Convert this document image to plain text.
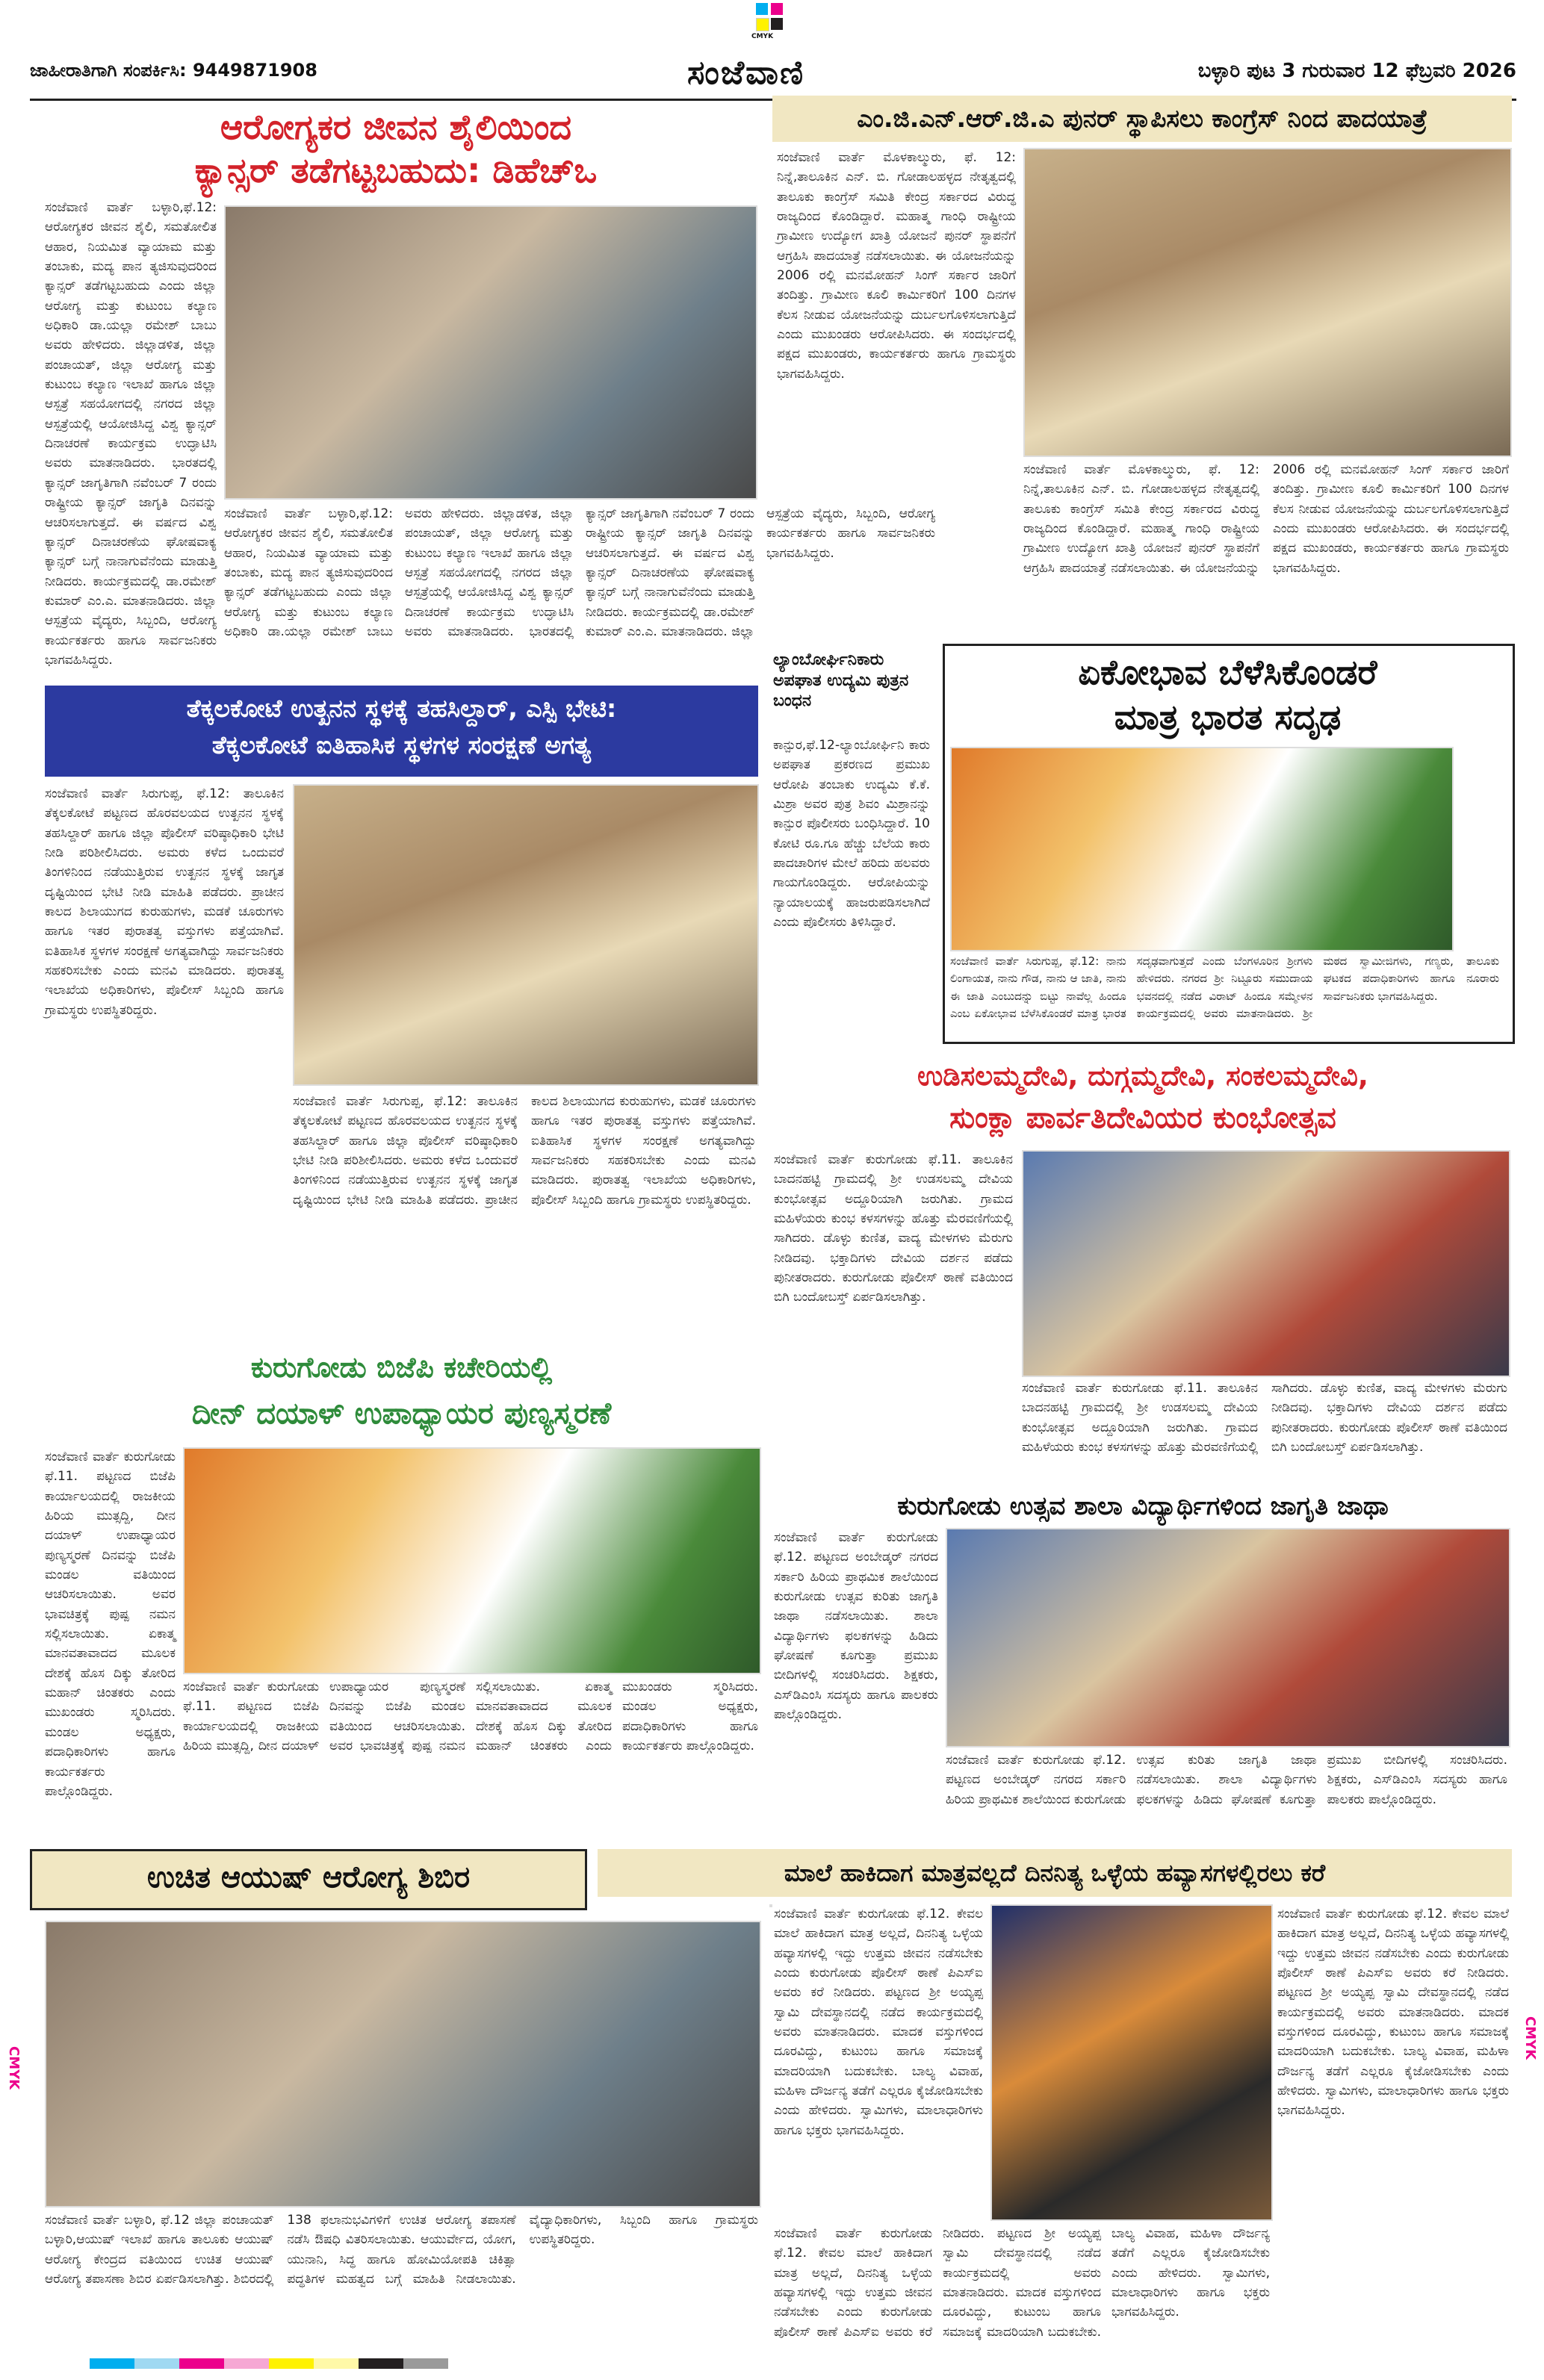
CMYK
ಜಾಹೀರಾತಿಗಾಗಿ ಸಂಪರ್ಕಿಸಿ: 9449871908	ಸಂಜೆವಾಣಿ	ಬಳ್ಳಾರಿ ಪುಟ 3 ಗುರುವಾರ 12 ಫೆಬ್ರವರಿ 2026
ಆರೋಗ್ಯಕರ ಜೀವನ ಶೈಲಿಯಿಂದ
ಕ್ಯಾನ್ಸರ್ ತಡೆಗಟ್ಟಬಹುದು: ಡಿಹೆಚ್‌ಒ
ಸಂಜೆವಾಣಿ ವಾರ್ತೆ ಬಳ್ಳಾರಿ,ಫೆ.12: ಆರೋಗ್ಯಕರ ಜೀವನ ಶೈಲಿ, ಸಮತೋಲಿತ ಆಹಾರ, ನಿಯಮಿತ ವ್ಯಾಯಾಮ ಮತ್ತು ತಂಬಾಕು, ಮದ್ಯ ಪಾನ ತ್ಯಜಿಸುವುದರಿಂದ ಕ್ಯಾನ್ಸರ್ ತಡೆಗಟ್ಟಬಹುದು ಎಂದು ಜಿಲ್ಲಾ ಆರೋಗ್ಯ ಮತ್ತು ಕುಟುಂಬ ಕಲ್ಯಾಣ ಅಧಿಕಾರಿ ಡಾ.ಯಲ್ಲಾ ರಮೇಶ್ ಬಾಬು ಅವರು ಹೇಳಿದರು. ಜಿಲ್ಲಾಡಳಿತ, ಜಿಲ್ಲಾ ಪಂಚಾಯತ್, ಜಿಲ್ಲಾ ಆರೋಗ್ಯ ಮತ್ತು ಕುಟುಂಬ ಕಲ್ಯಾಣ ಇಲಾಖೆ ಹಾಗೂ ಜಿಲ್ಲಾ ಆಸ್ಪತ್ರೆ ಸಹಯೋಗದಲ್ಲಿ ನಗರದ ಜಿಲ್ಲಾ ಆಸ್ಪತ್ರೆಯಲ್ಲಿ ಆಯೋಜಿಸಿದ್ದ ವಿಶ್ವ ಕ್ಯಾನ್ಸರ್ ದಿನಾಚರಣೆ ಕಾರ್ಯಕ್ರಮ ಉದ್ಘಾಟಿಸಿ ಅವರು ಮಾತನಾಡಿದರು. ಭಾರತದಲ್ಲಿ ಕ್ಯಾನ್ಸರ್ ಜಾಗೃತಿಗಾಗಿ ನವೆಂಬರ್ 7 ರಂದು ರಾಷ್ಟ್ರೀಯ ಕ್ಯಾನ್ಸರ್ ಜಾಗೃತಿ ದಿನವನ್ನು ಆಚರಿಸಲಾಗುತ್ತದೆ. ಈ ವರ್ಷದ ವಿಶ್ವ ಕ್ಯಾನ್ಸರ್ ದಿನಾಚರಣೆಯ ಘೋಷವಾಕ್ಯ ಕ್ಯಾನ್ಸರ್ ಬಗ್ಗೆ ನಾನಾಗುವೆನೆಂದು ಮಾಡುತ್ತಿ ನೀಡಿದರು. ಕಾರ್ಯಕ್ರಮದಲ್ಲಿ ಡಾ.ರಮೇಶ್ ಕುಮಾರ್ ಎಂ.ಎ. ಮಾತನಾಡಿದರು. ಜಿಲ್ಲಾ ಆಸ್ಪತ್ರೆಯ ವೈದ್ಯರು, ಸಿಬ್ಬಂದಿ, ಆರೋಗ್ಯ ಕಾರ್ಯಕರ್ತರು ಹಾಗೂ ಸಾರ್ವಜನಿಕರು ಭಾಗವಹಿಸಿದ್ದರು.
ಸಂಜೆವಾಣಿ ವಾರ್ತೆ ಬಳ್ಳಾರಿ,ಫೆ.12: ಆರೋಗ್ಯಕರ ಜೀವನ ಶೈಲಿ, ಸಮತೋಲಿತ ಆಹಾರ, ನಿಯಮಿತ ವ್ಯಾಯಾಮ ಮತ್ತು ತಂಬಾಕು, ಮದ್ಯ ಪಾನ ತ್ಯಜಿಸುವುದರಿಂದ ಕ್ಯಾನ್ಸರ್ ತಡೆಗಟ್ಟಬಹುದು ಎಂದು ಜಿಲ್ಲಾ ಆರೋಗ್ಯ ಮತ್ತು ಕುಟುಂಬ ಕಲ್ಯಾಣ ಅಧಿಕಾರಿ ಡಾ.ಯಲ್ಲಾ ರಮೇಶ್ ಬಾಬು ಅವರು ಹೇಳಿದರು. ಜಿಲ್ಲಾಡಳಿತ, ಜಿಲ್ಲಾ ಪಂಚಾಯತ್, ಜಿಲ್ಲಾ ಆರೋಗ್ಯ ಮತ್ತು ಕುಟುಂಬ ಕಲ್ಯಾಣ ಇಲಾಖೆ ಹಾಗೂ ಜಿಲ್ಲಾ ಆಸ್ಪತ್ರೆ ಸಹಯೋಗದಲ್ಲಿ ನಗರದ ಜಿಲ್ಲಾ ಆಸ್ಪತ್ರೆಯಲ್ಲಿ ಆಯೋಜಿಸಿದ್ದ ವಿಶ್ವ ಕ್ಯಾನ್ಸರ್ ದಿನಾಚರಣೆ ಕಾರ್ಯಕ್ರಮ ಉದ್ಘಾಟಿಸಿ ಅವರು ಮಾತನಾಡಿದರು. ಭಾರತದಲ್ಲಿ ಕ್ಯಾನ್ಸರ್ ಜಾಗೃತಿಗಾಗಿ ನವೆಂಬರ್ 7 ರಂದು ರಾಷ್ಟ್ರೀಯ ಕ್ಯಾನ್ಸರ್ ಜಾಗೃತಿ ದಿನವನ್ನು ಆಚರಿಸಲಾಗುತ್ತದೆ. ಈ ವರ್ಷದ ವಿಶ್ವ ಕ್ಯಾನ್ಸರ್ ದಿನಾಚರಣೆಯ ಘೋಷವಾಕ್ಯ ಕ್ಯಾನ್ಸರ್ ಬಗ್ಗೆ ನಾನಾಗುವೆನೆಂದು ಮಾಡುತ್ತಿ ನೀಡಿದರು. ಕಾರ್ಯಕ್ರಮದಲ್ಲಿ ಡಾ.ರಮೇಶ್ ಕುಮಾರ್ ಎಂ.ಎ. ಮಾತನಾಡಿದರು. ಜಿಲ್ಲಾ ಆಸ್ಪತ್ರೆಯ ವೈದ್ಯರು, ಸಿಬ್ಬಂದಿ, ಆರೋಗ್ಯ ಕಾರ್ಯಕರ್ತರು ಹಾಗೂ ಸಾರ್ವಜನಿಕರು ಭಾಗವಹಿಸಿದ್ದರು.
ಎಂ.ಜಿ.ಎನ್.ಆರ್.ಜಿ.ಎ ಪುನರ್ ಸ್ಥಾಪಿಸಲು ಕಾಂಗ್ರೆಸ್ ನಿಂದ ಪಾದಯಾತ್ರೆ
ಸಂಜೆವಾಣಿ ವಾರ್ತೆ ಮೊಳಕಾಲ್ಮುರು, ಫೆ. 12: ನಿನ್ನೆ,ತಾಲೂಕಿನ ಎನ್. ಬಿ. ಗೋಡಾಲಹಳ್ಳದ ನೇತೃತ್ವದಲ್ಲಿ ತಾಲೂಕು ಕಾಂಗ್ರೆಸ್ ಸಮಿತಿ ಕೇಂದ್ರ ಸರ್ಕಾರದ ವಿರುದ್ಧ ರಾಜ್ಯದಿಂದ ಕೊಂಡಿದ್ದಾರೆ. ಮಹಾತ್ಮ ಗಾಂಧಿ ರಾಷ್ಟ್ರೀಯ ಗ್ರಾಮೀಣ ಉದ್ಯೋಗ ಖಾತ್ರಿ ಯೋಜನೆ ಪುನರ್ ಸ್ಥಾಪನೆಗೆ ಆಗ್ರಹಿಸಿ ಪಾದಯಾತ್ರೆ ನಡೆಸಲಾಯಿತು. ಈ ಯೋಜನೆಯನ್ನು 2006 ರಲ್ಲಿ ಮನಮೋಹನ್ ಸಿಂಗ್ ಸರ್ಕಾರ ಜಾರಿಗೆ ತಂದಿತ್ತು. ಗ್ರಾಮೀಣ ಕೂಲಿ ಕಾರ್ಮಿಕರಿಗೆ 100 ದಿನಗಳ ಕೆಲಸ ನೀಡುವ ಯೋಜನೆಯನ್ನು ದುರ್ಬಲಗೊಳಿಸಲಾಗುತ್ತಿದೆ ಎಂದು ಮುಖಂಡರು ಆರೋಪಿಸಿದರು. ಈ ಸಂದರ್ಭದಲ್ಲಿ ಪಕ್ಷದ ಮುಖಂಡರು, ಕಾರ್ಯಕರ್ತರು ಹಾಗೂ ಗ್ರಾಮಸ್ಥರು ಭಾಗವಹಿಸಿದ್ದರು.
ಸಂಜೆವಾಣಿ ವಾರ್ತೆ ಮೊಳಕಾಲ್ಮುರು, ಫೆ. 12: ನಿನ್ನೆ,ತಾಲೂಕಿನ ಎನ್. ಬಿ. ಗೋಡಾಲಹಳ್ಳದ ನೇತೃತ್ವದಲ್ಲಿ ತಾಲೂಕು ಕಾಂಗ್ರೆಸ್ ಸಮಿತಿ ಕೇಂದ್ರ ಸರ್ಕಾರದ ವಿರುದ್ಧ ರಾಜ್ಯದಿಂದ ಕೊಂಡಿದ್ದಾರೆ. ಮಹಾತ್ಮ ಗಾಂಧಿ ರಾಷ್ಟ್ರೀಯ ಗ್ರಾಮೀಣ ಉದ್ಯೋಗ ಖಾತ್ರಿ ಯೋಜನೆ ಪುನರ್ ಸ್ಥಾಪನೆಗೆ ಆಗ್ರಹಿಸಿ ಪಾದಯಾತ್ರೆ ನಡೆಸಲಾಯಿತು. ಈ ಯೋಜನೆಯನ್ನು 2006 ರಲ್ಲಿ ಮನಮೋಹನ್ ಸಿಂಗ್ ಸರ್ಕಾರ ಜಾರಿಗೆ ತಂದಿತ್ತು. ಗ್ರಾಮೀಣ ಕೂಲಿ ಕಾರ್ಮಿಕರಿಗೆ 100 ದಿನಗಳ ಕೆಲಸ ನೀಡುವ ಯೋಜನೆಯನ್ನು ದುರ್ಬಲಗೊಳಿಸಲಾಗುತ್ತಿದೆ ಎಂದು ಮುಖಂಡರು ಆರೋಪಿಸಿದರು. ಈ ಸಂದರ್ಭದಲ್ಲಿ ಪಕ್ಷದ ಮುಖಂಡರು, ಕಾರ್ಯಕರ್ತರು ಹಾಗೂ ಗ್ರಾಮಸ್ಥರು ಭಾಗವಹಿಸಿದ್ದರು.
ತೆಕ್ಕಲಕೋಟೆ ಉತ್ಖನನ ಸ್ಥಳಕ್ಕೆ ತಹಸಿಲ್ದಾರ್, ಎಸ್ಪಿ ಭೇಟಿ:
ತೆಕ್ಕಲಕೋಟೆ ಐತಿಹಾಸಿಕ ಸ್ಥಳಗಳ ಸಂರಕ್ಷಣೆ ಅಗತ್ಯ
ಸಂಜೆವಾಣಿ ವಾರ್ತೆ ಸಿರುಗುಪ್ಪ, ಫೆ.12: ತಾಲೂಕಿನ ತೆಕ್ಕಲಕೋಟೆ ಪಟ್ಟಣದ ಹೊರವಲಯದ ಉತ್ಖನನ ಸ್ಥಳಕ್ಕೆ ತಹಸಿಲ್ದಾರ್ ಹಾಗೂ ಜಿಲ್ಲಾ ಪೊಲೀಸ್ ವರಿಷ್ಠಾಧಿಕಾರಿ ಭೇಟಿ ನೀಡಿ ಪರಿಶೀಲಿಸಿದರು. ಅಮರು ಕಳೆದ ಒಂದುವರೆ ತಿಂಗಳಿನಿಂದ ನಡೆಯುತ್ತಿರುವ ಉತ್ಖನನ ಸ್ಥಳಕ್ಕೆ ಜಾಗೃತ ದೃಷ್ಟಿಯಿಂದ ಭೇಟಿ ನೀಡಿ ಮಾಹಿತಿ ಪಡೆದರು. ಪ್ರಾಚೀನ ಕಾಲದ ಶಿಲಾಯುಗದ ಕುರುಹುಗಳು, ಮಡಕೆ ಚೂರುಗಳು ಹಾಗೂ ಇತರ ಪುರಾತತ್ವ ವಸ್ತುಗಳು ಪತ್ತೆಯಾಗಿವೆ. ಐತಿಹಾಸಿಕ ಸ್ಥಳಗಳ ಸಂರಕ್ಷಣೆ ಅಗತ್ಯವಾಗಿದ್ದು ಸಾರ್ವಜನಿಕರು ಸಹಕರಿಸಬೇಕು ಎಂದು ಮನವಿ ಮಾಡಿದರು. ಪುರಾತತ್ವ ಇಲಾಖೆಯ ಅಧಿಕಾರಿಗಳು, ಪೊಲೀಸ್ ಸಿಬ್ಬಂದಿ ಹಾಗೂ ಗ್ರಾಮಸ್ಥರು ಉಪಸ್ಥಿತರಿದ್ದರು.
ಸಂಜೆವಾಣಿ ವಾರ್ತೆ ಸಿರುಗುಪ್ಪ, ಫೆ.12: ತಾಲೂಕಿನ ತೆಕ್ಕಲಕೋಟೆ ಪಟ್ಟಣದ ಹೊರವಲಯದ ಉತ್ಖನನ ಸ್ಥಳಕ್ಕೆ ತಹಸಿಲ್ದಾರ್ ಹಾಗೂ ಜಿಲ್ಲಾ ಪೊಲೀಸ್ ವರಿಷ್ಠಾಧಿಕಾರಿ ಭೇಟಿ ನೀಡಿ ಪರಿಶೀಲಿಸಿದರು. ಅಮರು ಕಳೆದ ಒಂದುವರೆ ತಿಂಗಳಿನಿಂದ ನಡೆಯುತ್ತಿರುವ ಉತ್ಖನನ ಸ್ಥಳಕ್ಕೆ ಜಾಗೃತ ದೃಷ್ಟಿಯಿಂದ ಭೇಟಿ ನೀಡಿ ಮಾಹಿತಿ ಪಡೆದರು. ಪ್ರಾಚೀನ ಕಾಲದ ಶಿಲಾಯುಗದ ಕುರುಹುಗಳು, ಮಡಕೆ ಚೂರುಗಳು ಹಾಗೂ ಇತರ ಪುರಾತತ್ವ ವಸ್ತುಗಳು ಪತ್ತೆಯಾಗಿವೆ. ಐತಿಹಾಸಿಕ ಸ್ಥಳಗಳ ಸಂರಕ್ಷಣೆ ಅಗತ್ಯವಾಗಿದ್ದು ಸಾರ್ವಜನಿಕರು ಸಹಕರಿಸಬೇಕು ಎಂದು ಮನವಿ ಮಾಡಿದರು. ಪುರಾತತ್ವ ಇಲಾಖೆಯ ಅಧಿಕಾರಿಗಳು, ಪೊಲೀಸ್ ಸಿಬ್ಬಂದಿ ಹಾಗೂ ಗ್ರಾಮಸ್ಥರು ಉಪಸ್ಥಿತರಿದ್ದರು.
ಲ್ಯಾಂಬೋರ್ಘಿನಿಕಾರು ಅಪಘಾತ ಉದ್ಯಮಿ ಪುತ್ರನ ಬಂಧನ
ಕಾನ್ಪುರ,ಫೆ.12-ಲ್ಯಾಂಬೋರ್ಘಿನಿ ಕಾರು ಅಪಘಾತ ಪ್ರಕರಣದ ಪ್ರಮುಖ ಆರೋಪಿ ತಂಬಾಕು ಉದ್ಯಮಿ ಕೆ.ಕೆ. ಮಿಶ್ರಾ ಅವರ ಪುತ್ರ ಶಿವಂ ಮಿಶ್ರಾನನ್ನು ಕಾನ್ಪುರ ಪೊಲೀಸರು ಬಂಧಿಸಿದ್ದಾರೆ. 10 ಕೋಟಿ ರೂ.ಗೂ ಹೆಚ್ಚು ಬೆಲೆಯ ಕಾರು ಪಾದಚಾರಿಗಳ ಮೇಲೆ ಹರಿದು ಹಲವರು ಗಾಯಗೊಂಡಿದ್ದರು. ಆರೋಪಿಯನ್ನು ನ್ಯಾಯಾಲಯಕ್ಕೆ ಹಾಜರುಪಡಿಸಲಾಗಿದೆ ಎಂದು ಪೊಲೀಸರು ತಿಳಿಸಿದ್ದಾರೆ.
ಏಕೋಭಾವ ಬೆಳೆಸಿಕೊಂಡರೆ
ಮಾತ್ರ ಭಾರತ ಸದೃಢ
ಸಂಜೆವಾಣಿ ವಾರ್ತೆ ಸಿರುಗುಪ್ಪ, ಫೆ.12: ನಾನು ಲಿಂಗಾಯತ, ನಾನು ಗೌಡ, ನಾನು ಆ ಜಾತಿ, ನಾನು ಈ ಜಾತಿ ಎಂಬುದನ್ನು ಬಿಟ್ಟು ನಾವೆಲ್ಲ ಹಿಂದೂ ಎಂಬ ಏಕೋಭಾವ ಬೆಳೆಸಿಕೊಂಡರೆ ಮಾತ್ರ ಭಾರತ ಸದೃಢವಾಗುತ್ತದೆ ಎಂದು ಬೆಂಗಳೂರಿನ ಶ್ರೀಗಳು ಹೇಳಿದರು. ನಗರದ ಶ್ರೀ ನಿಟ್ಟೂರು ಸಮುದಾಯ ಭವನದಲ್ಲಿ ನಡೆದ ವಿರಾಟ್ ಹಿಂದೂ ಸಮ್ಮೇಳನ ಕಾರ್ಯಕ್ರಮದಲ್ಲಿ ಅವರು ಮಾತನಾಡಿದರು. ಶ್ರೀ ಮಠದ ಸ್ವಾಮೀಜಿಗಳು, ಗಣ್ಯರು, ತಾಲೂಕು ಘಟಕದ ಪದಾಧಿಕಾರಿಗಳು ಹಾಗೂ ನೂರಾರು ಸಾರ್ವಜನಿಕರು ಭಾಗವಹಿಸಿದ್ದರು.
ಉಡಿಸಲಮ್ಮದೇವಿ, ದುಗ್ಗಮ್ಮದೇವಿ, ಸಂಕಲಮ್ಮದೇವಿ,
ಸುಂಕ್ಲಾ ಪಾರ್ವತಿದೇವಿಯರ ಕುಂಭೋತ್ಸವ
ಸಂಜೆವಾಣಿ ವಾರ್ತೆ ಕುರುಗೋಡು ಫೆ.11. ತಾಲೂಕಿನ ಬಾದನಹಟ್ಟಿ ಗ್ರಾಮದಲ್ಲಿ ಶ್ರೀ ಉಡಸಲಮ್ಮ ದೇವಿಯ ಕುಂಭೋತ್ಸವ ಅದ್ದೂರಿಯಾಗಿ ಜರುಗಿತು. ಗ್ರಾಮದ ಮಹಿಳೆಯರು ಕುಂಭ ಕಳಸಗಳನ್ನು ಹೊತ್ತು ಮೆರವಣಿಗೆಯಲ್ಲಿ ಸಾಗಿದರು. ಡೊಳ್ಳು ಕುಣಿತ, ವಾದ್ಯ ಮೇಳಗಳು ಮೆರುಗು ನೀಡಿದವು. ಭಕ್ತಾದಿಗಳು ದೇವಿಯ ದರ್ಶನ ಪಡೆದು ಪುನೀತರಾದರು. ಕುರುಗೋಡು ಪೊಲೀಸ್ ಠಾಣೆ ವತಿಯಿಂದ ಬಿಗಿ ಬಂದೋಬಸ್ತ್ ಏರ್ಪಡಿಸಲಾಗಿತ್ತು.
ಸಂಜೆವಾಣಿ ವಾರ್ತೆ ಕುರುಗೋಡು ಫೆ.11. ತಾಲೂಕಿನ ಬಾದನಹಟ್ಟಿ ಗ್ರಾಮದಲ್ಲಿ ಶ್ರೀ ಉಡಸಲಮ್ಮ ದೇವಿಯ ಕುಂಭೋತ್ಸವ ಅದ್ದೂರಿಯಾಗಿ ಜರುಗಿತು. ಗ್ರಾಮದ ಮಹಿಳೆಯರು ಕುಂಭ ಕಳಸಗಳನ್ನು ಹೊತ್ತು ಮೆರವಣಿಗೆಯಲ್ಲಿ ಸಾಗಿದರು. ಡೊಳ್ಳು ಕುಣಿತ, ವಾದ್ಯ ಮೇಳಗಳು ಮೆರುಗು ನೀಡಿದವು. ಭಕ್ತಾದಿಗಳು ದೇವಿಯ ದರ್ಶನ ಪಡೆದು ಪುನೀತರಾದರು. ಕುರುಗೋಡು ಪೊಲೀಸ್ ಠಾಣೆ ವತಿಯಿಂದ ಬಿಗಿ ಬಂದೋಬಸ್ತ್ ಏರ್ಪಡಿಸಲಾಗಿತ್ತು.
ಕುರುಗೋಡು ಬಿಜೆಪಿ ಕಚೇರಿಯಲ್ಲಿ
ದೀನ್ ದಯಾಳ್ ಉಪಾಧ್ಯಾಯರ ಪುಣ್ಯಸ್ಮರಣೆ
ಸಂಜೆವಾಣಿ ವಾರ್ತೆ ಕುರುಗೋಡು ಫೆ.11. ಪಟ್ಟಣದ ಬಿಜೆಪಿ ಕಾರ್ಯಾಲಯದಲ್ಲಿ ರಾಜಕೀಯ ಹಿರಿಯ ಮುತ್ಸದ್ದಿ, ದೀನ ದಯಾಳ್ ಉಪಾಧ್ಯಾಯರ ಪುಣ್ಯಸ್ಮರಣೆ ದಿನವನ್ನು ಬಿಜೆಪಿ ಮಂಡಲ ವತಿಯಿಂದ ಆಚರಿಸಲಾಯಿತು. ಅವರ ಭಾವಚಿತ್ರಕ್ಕೆ ಪುಷ್ಪ ನಮನ ಸಲ್ಲಿಸಲಾಯಿತು. ಏಕಾತ್ಮ ಮಾನವತಾವಾದದ ಮೂಲಕ ದೇಶಕ್ಕೆ ಹೊಸ ದಿಕ್ಕು ತೋರಿದ ಮಹಾನ್ ಚಿಂತಕರು ಎಂದು ಮುಖಂಡರು ಸ್ಮರಿಸಿದರು. ಮಂಡಲ ಅಧ್ಯಕ್ಷರು, ಪದಾಧಿಕಾರಿಗಳು ಹಾಗೂ ಕಾರ್ಯಕರ್ತರು ಪಾಲ್ಗೊಂಡಿದ್ದರು.
ಸಂಜೆವಾಣಿ ವಾರ್ತೆ ಕುರುಗೋಡು ಫೆ.11. ಪಟ್ಟಣದ ಬಿಜೆಪಿ ಕಾರ್ಯಾಲಯದಲ್ಲಿ ರಾಜಕೀಯ ಹಿರಿಯ ಮುತ್ಸದ್ದಿ, ದೀನ ದಯಾಳ್ ಉಪಾಧ್ಯಾಯರ ಪುಣ್ಯಸ್ಮರಣೆ ದಿನವನ್ನು ಬಿಜೆಪಿ ಮಂಡಲ ವತಿಯಿಂದ ಆಚರಿಸಲಾಯಿತು. ಅವರ ಭಾವಚಿತ್ರಕ್ಕೆ ಪುಷ್ಪ ನಮನ ಸಲ್ಲಿಸಲಾಯಿತು. ಏಕಾತ್ಮ ಮಾನವತಾವಾದದ ಮೂಲಕ ದೇಶಕ್ಕೆ ಹೊಸ ದಿಕ್ಕು ತೋರಿದ ಮಹಾನ್ ಚಿಂತಕರು ಎಂದು ಮುಖಂಡರು ಸ್ಮರಿಸಿದರು. ಮಂಡಲ ಅಧ್ಯಕ್ಷರು, ಪದಾಧಿಕಾರಿಗಳು ಹಾಗೂ ಕಾರ್ಯಕರ್ತರು ಪಾಲ್ಗೊಂಡಿದ್ದರು.
ಕುರುಗೋಡು ಉತ್ಸವ ಶಾಲಾ ವಿದ್ಯಾರ್ಥಿಗಳಿಂದ ಜಾಗೃತಿ ಜಾಥಾ
ಸಂಜೆವಾಣಿ ವಾರ್ತೆ ಕುರುಗೋಡು ಫೆ.12. ಪಟ್ಟಣದ ಅಂಬೇಡ್ಕರ್ ನಗರದ ಸರ್ಕಾರಿ ಹಿರಿಯ ಪ್ರಾಥಮಿಕ ಶಾಲೆಯಿಂದ ಕುರುಗೋಡು ಉತ್ಸವ ಕುರಿತು ಜಾಗೃತಿ ಜಾಥಾ ನಡೆಸಲಾಯಿತು. ಶಾಲಾ ವಿದ್ಯಾರ್ಥಿಗಳು ಫಲಕಗಳನ್ನು ಹಿಡಿದು ಘೋಷಣೆ ಕೂಗುತ್ತಾ ಪ್ರಮುಖ ಬೀದಿಗಳಲ್ಲಿ ಸಂಚರಿಸಿದರು. ಶಿಕ್ಷಕರು, ಎಸ್‌ಡಿಎಂಸಿ ಸದಸ್ಯರು ಹಾಗೂ ಪಾಲಕರು ಪಾಲ್ಗೊಂಡಿದ್ದರು.
ಸಂಜೆವಾಣಿ ವಾರ್ತೆ ಕುರುಗೋಡು ಫೆ.12. ಪಟ್ಟಣದ ಅಂಬೇಡ್ಕರ್ ನಗರದ ಸರ್ಕಾರಿ ಹಿರಿಯ ಪ್ರಾಥಮಿಕ ಶಾಲೆಯಿಂದ ಕುರುಗೋಡು ಉತ್ಸವ ಕುರಿತು ಜಾಗೃತಿ ಜಾಥಾ ನಡೆಸಲಾಯಿತು. ಶಾಲಾ ವಿದ್ಯಾರ್ಥಿಗಳು ಫಲಕಗಳನ್ನು ಹಿಡಿದು ಘೋಷಣೆ ಕೂಗುತ್ತಾ ಪ್ರಮುಖ ಬೀದಿಗಳಲ್ಲಿ ಸಂಚರಿಸಿದರು. ಶಿಕ್ಷಕರು, ಎಸ್‌ಡಿಎಂಸಿ ಸದಸ್ಯರು ಹಾಗೂ ಪಾಲಕರು ಪಾಲ್ಗೊಂಡಿದ್ದರು.
ಉಚಿತ ಆಯುಷ್ ಆರೋಗ್ಯ ಶಿಬಿರ
ಸಂಜೆವಾಣಿ ವಾರ್ತೆ ಬಳ್ಳಾರಿ, ಫೆ.12 ಜಿಲ್ಲಾ ಪಂಚಾಯತ್ ಬಳ್ಳಾರಿ,ಆಯುಷ್ ಇಲಾಖೆ ಹಾಗೂ ತಾಲೂಕು ಆಯುಷ್ ಆರೋಗ್ಯ ಕೇಂದ್ರದ ವತಿಯಿಂದ ಉಚಿತ ಆಯುಷ್ ಆರೋಗ್ಯ ತಪಾಸಣಾ ಶಿಬಿರ ಏರ್ಪಡಿಸಲಾಗಿತ್ತು. ಶಿಬಿರದಲ್ಲಿ 138 ಫಲಾನುಭವಿಗಳಿಗೆ ಉಚಿತ ಆರೋಗ್ಯ ತಪಾಸಣೆ ನಡೆಸಿ ಔಷಧಿ ವಿತರಿಸಲಾಯಿತು. ಆಯುರ್ವೇದ, ಯೋಗ, ಯುನಾನಿ, ಸಿದ್ಧ ಹಾಗೂ ಹೋಮಿಯೋಪತಿ ಚಿಕಿತ್ಸಾ ಪದ್ಧತಿಗಳ ಮಹತ್ವದ ಬಗ್ಗೆ ಮಾಹಿತಿ ನೀಡಲಾಯಿತು. ವೈದ್ಯಾಧಿಕಾರಿಗಳು, ಸಿಬ್ಬಂದಿ ಹಾಗೂ ಗ್ರಾಮಸ್ಥರು ಉಪಸ್ಥಿತರಿದ್ದರು.
ಮಾಲೆ ಹಾಕಿದಾಗ ಮಾತ್ರವಲ್ಲದೆ ದಿನನಿತ್ಯ ಒಳ್ಳೆಯ ಹವ್ಯಾಸಗಳಲ್ಲಿರಲು ಕರೆ
ಸಂಜೆವಾಣಿ ವಾರ್ತೆ ಕುರುಗೋಡು ಫೆ.12. ಕೇವಲ ಮಾಲೆ ಹಾಕಿದಾಗ ಮಾತ್ರ ಅಲ್ಲದೆ, ದಿನನಿತ್ಯ ಒಳ್ಳೆಯ ಹವ್ಯಾಸಗಳಲ್ಲಿ ಇದ್ದು ಉತ್ತಮ ಜೀವನ ನಡೆಸಬೇಕು ಎಂದು ಕುರುಗೋಡು ಪೊಲೀಸ್ ಠಾಣೆ ಪಿಎಸ್‌ಐ ಅವರು ಕರೆ ನೀಡಿದರು. ಪಟ್ಟಣದ ಶ್ರೀ ಅಯ್ಯಪ್ಪ ಸ್ವಾಮಿ ದೇವಸ್ಥಾನದಲ್ಲಿ ನಡೆದ ಕಾರ್ಯಕ್ರಮದಲ್ಲಿ ಅವರು ಮಾತನಾಡಿದರು. ಮಾದಕ ವಸ್ತುಗಳಿಂದ ದೂರವಿದ್ದು, ಕುಟುಂಬ ಹಾಗೂ ಸಮಾಜಕ್ಕೆ ಮಾದರಿಯಾಗಿ ಬದುಕಬೇಕು. ಬಾಲ್ಯ ವಿವಾಹ, ಮಹಿಳಾ ದೌರ್ಜನ್ಯ ತಡೆಗೆ ಎಲ್ಲರೂ ಕೈಜೋಡಿಸಬೇಕು ಎಂದು ಹೇಳಿದರು. ಸ್ವಾಮಿಗಳು, ಮಾಲಾಧಾರಿಗಳು ಹಾಗೂ ಭಕ್ತರು ಭಾಗವಹಿಸಿದ್ದರು.
ಸಂಜೆವಾಣಿ ವಾರ್ತೆ ಕುರುಗೋಡು ಫೆ.12. ಕೇವಲ ಮಾಲೆ ಹಾಕಿದಾಗ ಮಾತ್ರ ಅಲ್ಲದೆ, ದಿನನಿತ್ಯ ಒಳ್ಳೆಯ ಹವ್ಯಾಸಗಳಲ್ಲಿ ಇದ್ದು ಉತ್ತಮ ಜೀವನ ನಡೆಸಬೇಕು ಎಂದು ಕುರುಗೋಡು ಪೊಲೀಸ್ ಠಾಣೆ ಪಿಎಸ್‌ಐ ಅವರು ಕರೆ ನೀಡಿದರು. ಪಟ್ಟಣದ ಶ್ರೀ ಅಯ್ಯಪ್ಪ ಸ್ವಾಮಿ ದೇವಸ್ಥಾನದಲ್ಲಿ ನಡೆದ ಕಾರ್ಯಕ್ರಮದಲ್ಲಿ ಅವರು ಮಾತನಾಡಿದರು. ಮಾದಕ ವಸ್ತುಗಳಿಂದ ದೂರವಿದ್ದು, ಕುಟುಂಬ ಹಾಗೂ ಸಮಾಜಕ್ಕೆ ಮಾದರಿಯಾಗಿ ಬದುಕಬೇಕು. ಬಾಲ್ಯ ವಿವಾಹ, ಮಹಿಳಾ ದೌರ್ಜನ್ಯ ತಡೆಗೆ ಎಲ್ಲರೂ ಕೈಜೋಡಿಸಬೇಕು ಎಂದು ಹೇಳಿದರು. ಸ್ವಾಮಿಗಳು, ಮಾಲಾಧಾರಿಗಳು ಹಾಗೂ ಭಕ್ತರು ಭಾಗವಹಿಸಿದ್ದರು.
ಸಂಜೆವಾಣಿ ವಾರ್ತೆ ಕುರುಗೋಡು ಫೆ.12. ಕೇವಲ ಮಾಲೆ ಹಾಕಿದಾಗ ಮಾತ್ರ ಅಲ್ಲದೆ, ದಿನನಿತ್ಯ ಒಳ್ಳೆಯ ಹವ್ಯಾಸಗಳಲ್ಲಿ ಇದ್ದು ಉತ್ತಮ ಜೀವನ ನಡೆಸಬೇಕು ಎಂದು ಕುರುಗೋಡು ಪೊಲೀಸ್ ಠಾಣೆ ಪಿಎಸ್‌ಐ ಅವರು ಕರೆ ನೀಡಿದರು. ಪಟ್ಟಣದ ಶ್ರೀ ಅಯ್ಯಪ್ಪ ಸ್ವಾಮಿ ದೇವಸ್ಥಾನದಲ್ಲಿ ನಡೆದ ಕಾರ್ಯಕ್ರಮದಲ್ಲಿ ಅವರು ಮಾತನಾಡಿದರು. ಮಾದಕ ವಸ್ತುಗಳಿಂದ ದೂರವಿದ್ದು, ಕುಟುಂಬ ಹಾಗೂ ಸಮಾಜಕ್ಕೆ ಮಾದರಿಯಾಗಿ ಬದುಕಬೇಕು. ಬಾಲ್ಯ ವಿವಾಹ, ಮಹಿಳಾ ದೌರ್ಜನ್ಯ ತಡೆಗೆ ಎಲ್ಲರೂ ಕೈಜೋಡಿಸಬೇಕು ಎಂದು ಹೇಳಿದರು. ಸ್ವಾಮಿಗಳು, ಮಾಲಾಧಾರಿಗಳು ಹಾಗೂ ಭಕ್ತರು ಭಾಗವಹಿಸಿದ್ದರು.
CMYK
CMYK
